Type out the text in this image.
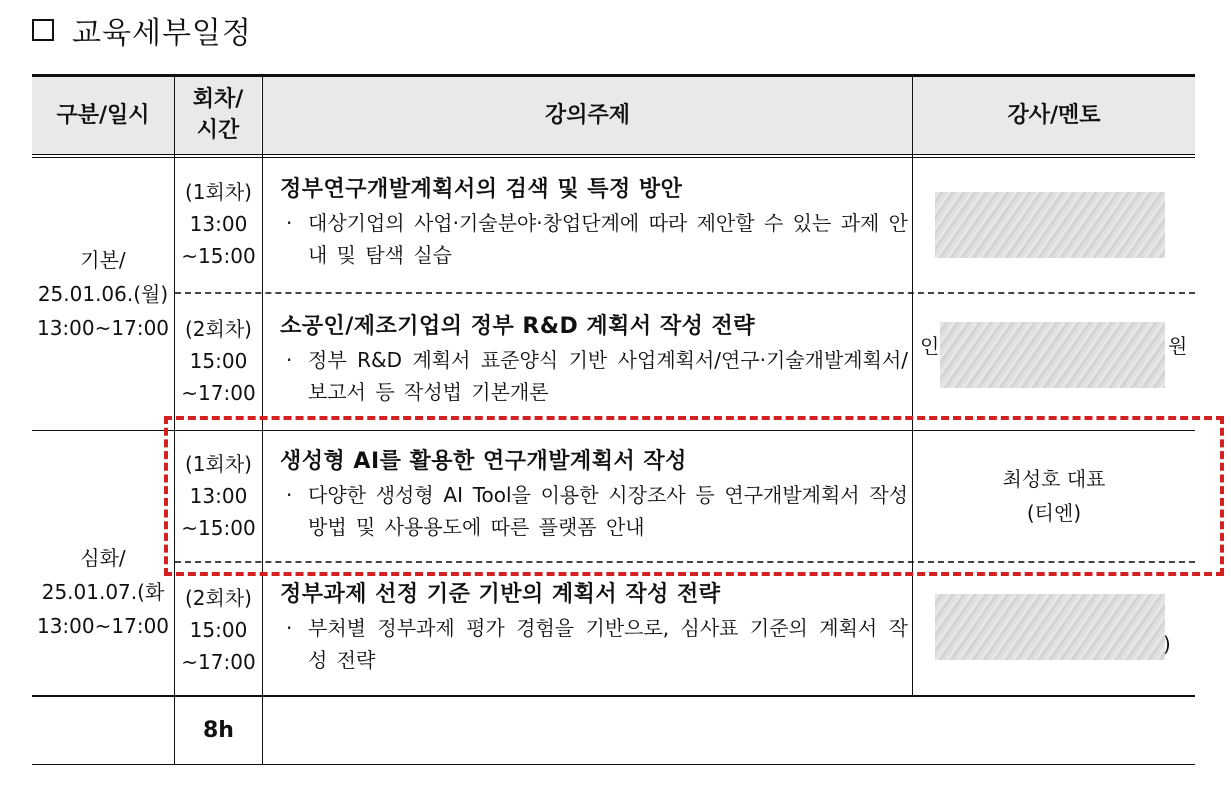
교육세부일정
구분/일시
회차/
시간
강의주제	강사/멘토
기본/
25.01.06.(월)
13:00~17:00
심화/
25.01.07.(화
13:00~17:00
(1회차)
13:00
~15:00
정부연구개발계획서의 검색 및 특정 방안
· 대상기업의 사업·기술분야·창업단계에 따라 제안할 수 있는 과제 안내 및 탐색 실습
(2회차)
15:00
~17:00
소공인/제조기업의 정부 R&D 계획서 작성 전략
· 정부 R&D 계획서 표준양식 기반 사업계획서/연구·기술개발계획서/보고서 등 작성법 기본개론
인	원
(1회차)
13:00
~15:00
생성형 AI를 활용한 연구개발계획서 작성
· 다양한 생성형 AI Tool을 이용한 시장조사 등 연구개발계획서 작성 방법 및 사용용도에 따른 플랫폼 안내
최성호 대표
(티엔)
(2회차)
15:00
~17:00
정부과제 선정 기준 기반의 계획서 작성 전략
· 부처별 정부과제 평가 경험을 기반으로, 심사표 기준의 계획서 작성 전략
)
8h
